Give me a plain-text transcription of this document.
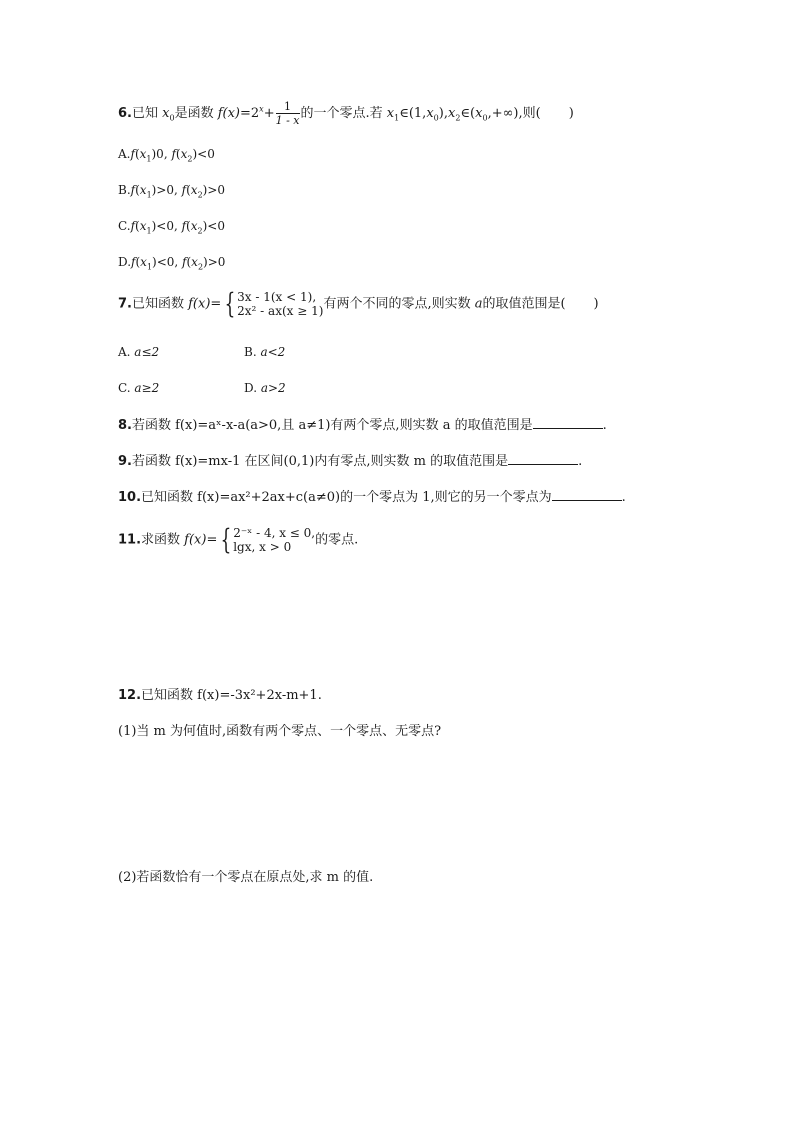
6.已知 $x_0$是函数 $f(x)=2^x+ \frac{1}{1 - x}$ 的一个零点.若 $x_1\in(1,x_0),x_2\in(x_0,+\infty)$,则( )
$A.f(x_1)0$, $f(x_2)<0$
$B.f(x_1)>0$, $f(x_2)>0$
$C.f(x_1)<0$, $f(x_2)<0$
$D.f(x_1)<0$, $f(x_2)>0$
7.已知函数 f(x)= { 3x - 1(x < 1),
2x² - ax(x ≥ 1) 有两个不同的零点,则实数 a的取值范围是( )
A. a≤2	B. a<2
C. a≥2	D. a>2
8.若函数 f(x)=aˣ-x-a(a>0,且 a≠1)有两个零点,则实数 a 的取值范围是	.
9.若函数 f(x)=mx-1 在区间(0,1)内有零点,则实数 m 的取值范围是	.
10.已知函数 f(x)=ax²+2ax+c(a≠0)的一个零点为 1,则它的另一个零点为	.
11.求函数 f(x)= { 2⁻ˣ - 4, x ≤ 0,
lgx, x > 0	的零点.
12.已知函数 f(x)=-3x²+2x-m+1.
(1)当 m 为何值时,函数有两个零点、一个零点、无零点?
(2)若函数恰有一个零点在原点处,求 m 的值.
